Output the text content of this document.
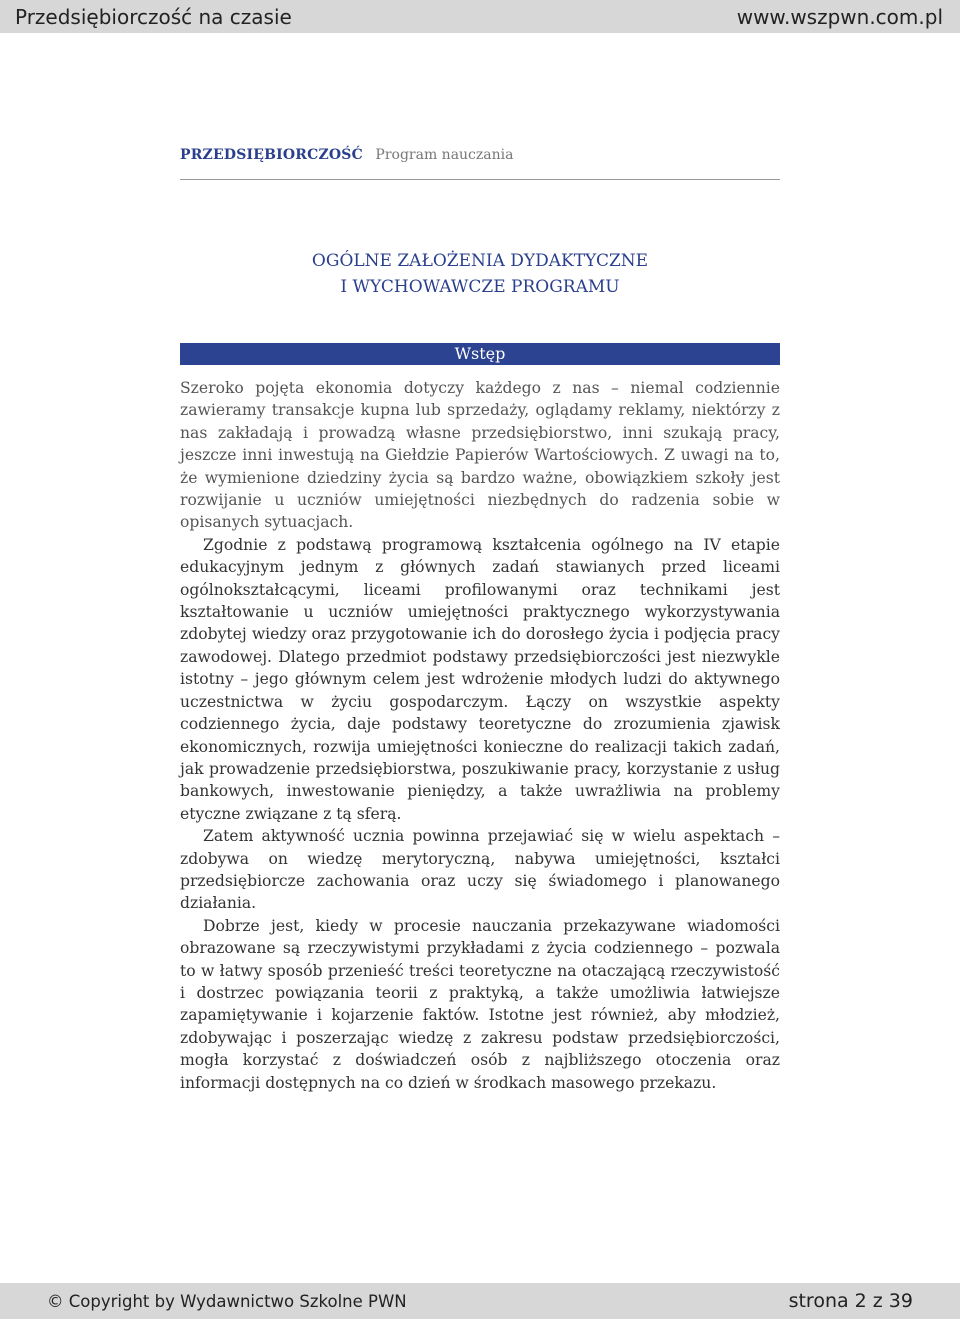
Przedsiębiorczość na czasie	www.wszpwn.com.pl
PRZEDSIĘBIORCZOŚĆ Program nauczania
OGÓLNE ZAŁOŻENIA DYDAKTYCZNE
I WYCHOWAWCZE PROGRAMU
Wstęp

Szeroko pojęta ekonomia dotyczy każdego z nas – niemal codziennie zawieramy transakcje kupna lub sprzedaży, oglądamy reklamy, niektórzy z nas zakładają i prowadzą własne przedsiębiorstwo, inni szukają pracy, jeszcze inni inwestują na Giełdzie Papierów Wartościowych. Z uwagi na to, że wymienione dziedziny życia są bardzo ważne, obowiązkiem szkoły jest rozwijanie u uczniów umiejętności niezbędnych do radzenia sobie w opisanych sytuacjach.

Zgodnie z podstawą programową kształcenia ogólnego na IV etapie edukacyjnym jednym z głównych zadań stawianych przed liceami ogólnokształcącymi, liceami profilowanymi oraz technikami jest kształtowanie u uczniów umiejętności praktycznego wykorzystywania zdobytej wiedzy oraz przygotowanie ich do dorosłego życia i podjęcia pracy zawodowej. Dlatego przedmiot podstawy przedsiębiorczości jest niezwykle istotny – jego głównym celem jest wdrożenie młodych ludzi do aktywnego uczestnictwa w życiu gospodarczym. Łączy on wszystkie aspekty codziennego życia, daje podstawy teoretyczne do zrozumienia zjawisk ekonomicznych, rozwija umiejętności konieczne do realizacji takich zadań, jak prowadzenie przedsiębiorstwa, poszukiwanie pracy, korzystanie z usług bankowych, inwestowanie pieniędzy, a także uwrażliwia na problemy etyczne związane z tą sferą.

Zatem aktywność ucznia powinna przejawiać się w wielu aspektach – zdobywa on wiedzę merytoryczną, nabywa umiejętności, kształci przedsiębiorcze zachowania oraz uczy się świadomego i planowanego działania.

Dobrze jest, kiedy w procesie nauczania przekazywane wiadomości obrazowane są rzeczywistymi przykładami z życia codziennego – pozwala to w łatwy sposób przenieść treści teoretyczne na otaczającą rzeczywistość i dostrzec powiązania teorii z praktyką, a także umożliwia łatwiejsze zapamiętywanie i kojarzenie faktów. Istotne jest również, aby młodzież, zdobywając i poszerzając wiedzę z zakresu podstaw przedsiębiorczości, mogła korzystać z doświadczeń osób z najbliższego otoczenia oraz informacji dostępnych na co dzień w środkach masowego przekazu.

© Copyright by Wydawnictwo Szkolne PWN	strona 2 z 39
